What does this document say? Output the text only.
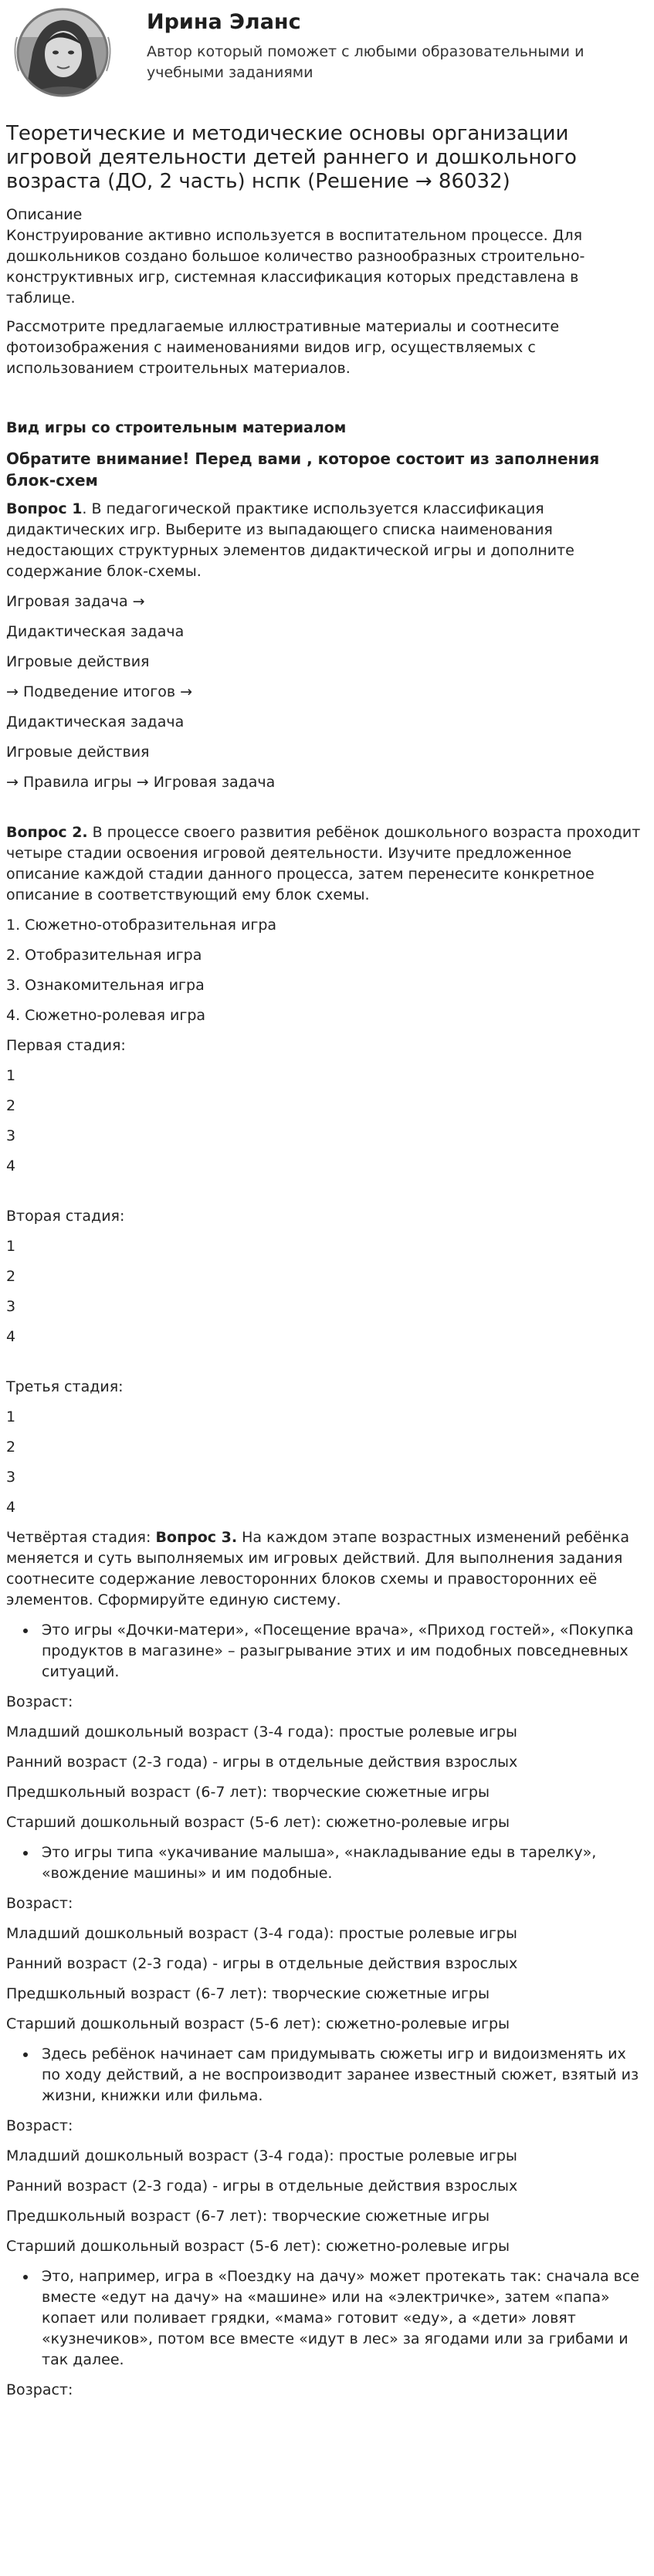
Ирина Эланс
Автор который поможет с любыми образовательными и учебными заданиями
Теоретические и методические основы организации игровой деятельности детей раннего и дошкольного возраста (ДО, 2 часть) нспк (Решение → 86032)

Описание

Конструирование активно используется в воспитательном процессе. Для дошкольников создано большое количество разнообразных строительно-конструктивных игр, системная классификация которых представлена в таблице.

Рассмотрите предлагаемые иллюстративные материалы и соотнесите фотоизображения с наименованиями видов игр, осуществляемых с использованием строительных материалов.

Вид игры со строительным материалом

Обратите внимание! Перед вами , которое состоит из заполнения блок-схем

Вопрос 1. В педагогической практике используется классификация дидактических игр. Выберите из выпадающего списка наименования недостающих структурных элементов дидактической игры и дополните содержание блок-схемы.

Игровая задача →

Дидактическая задача

Игровые действия

→ Подведение итогов →

Дидактическая задача

Игровые действия

→ Правила игры → Игровая задача

Вопрос 2. В процессе своего развития ребёнок дошкольного возраста проходит четыре стадии освоения игровой деятельности. Изучите предложенное описание каждой стадии данного процесса, затем перенесите конкретное описание в соответствующий ему блок схемы.

1. Сюжетно-отобразительная игра

2. Отобразительная игра

3. Ознакомительная игра

4. Сюжетно-ролевая игра

Первая стадия:

1

2

3

4

Вторая стадия:

1

2

3

4

Третья стадия:

1

2

3

4

Четвёртая стадия: Вопрос 3. На каждом этапе возрастных изменений ребёнка меняется и суть выполняемых им игровых действий. Для выполнения задания соотнесите содержание левосторонних блоков схемы и правосторонних её элементов. Сформируйте единую систему.

• Это игры «Дочки-матери», «Посещение врача», «Приход гостей», «Покупка продуктов в магазине» – разыгрывание этих и им подобных повседневных ситуаций.

Возраст:

Младший дошкольный возраст (3-4 года): простые ролевые игры

Ранний возраст (2-3 года) - игры в отдельные действия взрослых

Предшкольный возраст (6-7 лет): творческие сюжетные игры

Старший дошкольный возраст (5-6 лет): сюжетно-ролевые игры

• Это игры типа «укачивание малыша», «накладывание еды в тарелку», «вождение машины» и им подобные.

Возраст:

Младший дошкольный возраст (3-4 года): простые ролевые игры

Ранний возраст (2-3 года) - игры в отдельные действия взрослых

Предшкольный возраст (6-7 лет): творческие сюжетные игры

Старший дошкольный возраст (5-6 лет): сюжетно-ролевые игры

• Здесь ребёнок начинает сам придумывать сюжеты игр и видоизменять их по ходу действий, а не воспроизводит заранее известный сюжет, взятый из жизни, книжки или фильма.

Возраст:

Младший дошкольный возраст (3-4 года): простые ролевые игры

Ранний возраст (2-3 года) - игры в отдельные действия взрослых

Предшкольный возраст (6-7 лет): творческие сюжетные игры

Старший дошкольный возраст (5-6 лет): сюжетно-ролевые игры

• Это, например, игра в «Поездку на дачу» может протекать так: сначала все вместе «едут на дачу» на «машине» или на «электричке», затем «папа» копает или поливает грядки, «мама» готовит «еду», а «дети» ловят «кузнечиков», потом все вместе «идут в лес» за ягодами или за грибами и так далее.

Возраст:
